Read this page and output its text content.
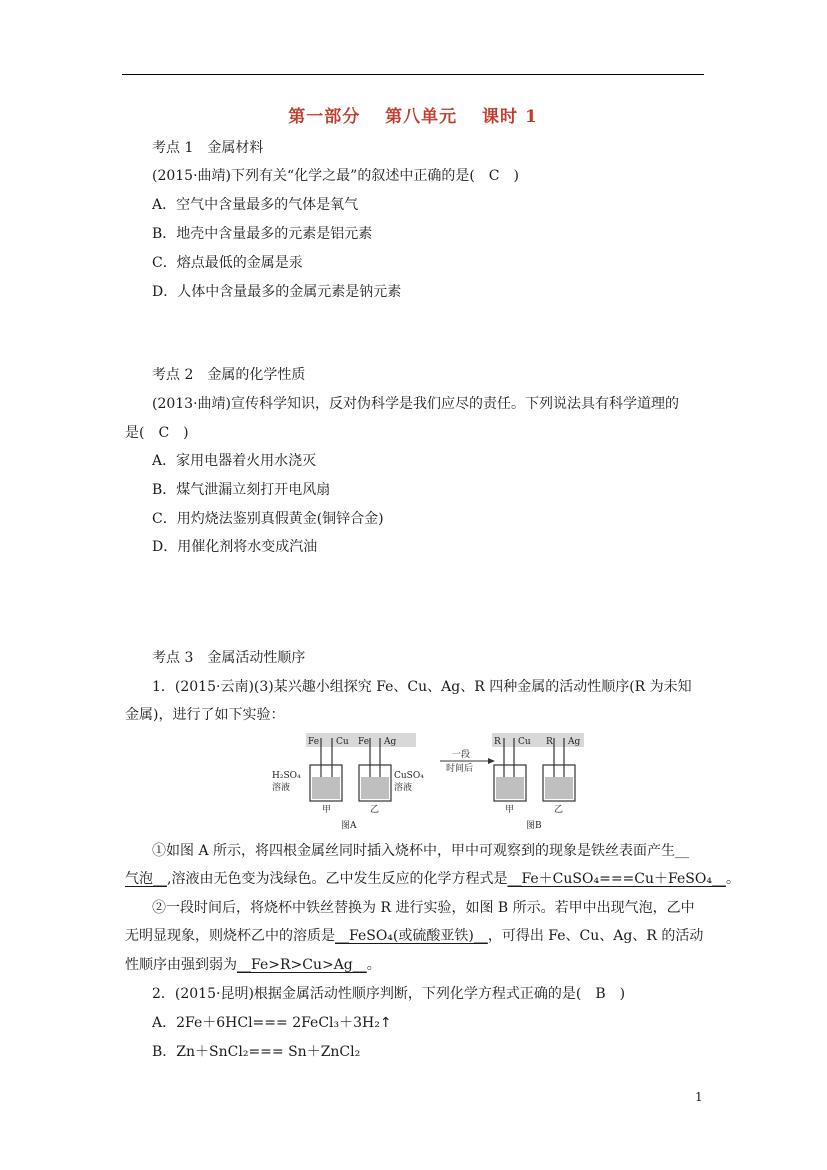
第一部分 第八单元 课时 1
考点 1 金属材料
(2015·曲靖)下列有关“化学之最”的叙述中正确的是(　C　)
A．空气中含量最多的气体是氧气
B．地壳中含量最多的元素是铝元素
C．熔点最低的金属是汞
D．人体中含量最多的金属元素是钠元素
考点 2 金属的化学性质
(2013·曲靖)宣传科学知识，反对伪科学是我们应尽的责任。下列说法具有科学道理的
是(　C　)
A．家用电器着火用水浇灭
B．煤气泄漏立刻打开电风扇
C．用灼烧法鉴别真假黄金(铜锌合金)
D．用催化剂将水变成汽油
考点 3 金属活动性顺序
1．(2015·云南)(3)某兴趣小组探究 Fe、Cu、Ag、R 四种金属的活动性顺序(R 为未知
金属)，进行了如下实验：
Fe Cu Fe Ag
H₂SO₄
溶液
CuSO₄
溶液
甲	乙
图A
一段
时间后
R Cu R Ag
甲	乙
图B
①如图 A 所示，将四根金属丝同时插入烧杯中，甲中可观察到的现象是铁丝表面产生__
气泡__,溶液由无色变为浅绿色。乙中发生反应的化学方程式是__Fe＋CuSO₄===Cu＋FeSO₄__。
②一段时间后，将烧杯中铁丝替换为 R 进行实验，如图 B 所示。若甲中出现气泡，乙中
无明显现象，则烧杯乙中的溶质是__FeSO₄(或硫酸亚铁)__，可得出 Fe、Cu、Ag、R 的活动
性顺序由强到弱为__Fe>R>Cu>Ag__。
2．(2015·昆明)根据金属活动性顺序判断，下列化学方程式正确的是(　B　)
A．2Fe＋6HCl=== 2FeCl₃＋3H₂↑
B．Zn＋SnCl₂=== Sn＋ZnCl₂
1
